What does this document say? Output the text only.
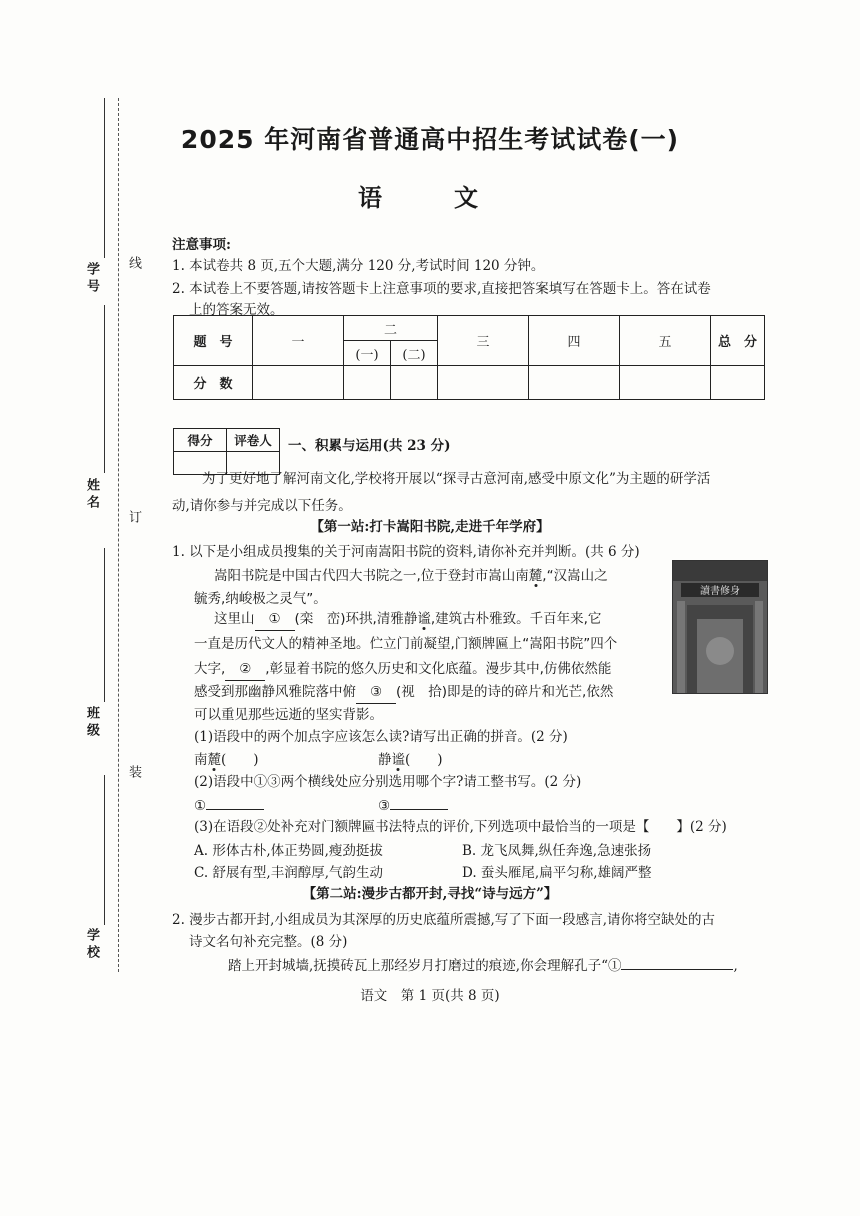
学号
姓名
班级
学校
线
订
装
2025 年河南省普通高中招生考试试卷(一)
语　文
注意事项:
1. 本试卷共 8 页,五个大题,满分 120 分,考试时间 120 分钟。
2. 本试卷上不要答题,请按答题卡上注意事项的要求,直接把答案填写在答题卡上。答在试卷
上的答案无效。
题　号	一	二		三	四	五	总　分
		(一)	(二)				
分　数							
得分	评卷人
	一、积累与运用(共 23 分)
为了更好地了解河南文化,学校将开展以“探寻古意河南,感受中原文化”为主题的研学活
动,请你参与并完成以下任务。
【第一站:打卡嵩阳书院,走进千年学府】
1. 以下是小组成员搜集的关于河南嵩阳书院的资料,请你补充并判断。(共 6 分)
嵩阳书院是中国古代四大书院之一,位于登封市嵩山南麓,“汉嵩山之
毓秀,纳峻极之灵气”。
这里山 ① (栾　峦)环拱,清雅静谧,建筑古朴雅致。千百年来,它
一直是历代文人的精神圣地。伫立门前凝望,门额牌匾上“嵩阳书院”四个
大字, ② ,彰显着书院的悠久历史和文化底蕴。漫步其中,仿佛依然能
感受到那幽静风雅院落中俯 ③ (视　拾)即是的诗的碎片和光芒,依然
可以重见那些远逝的坚实背影。
讀書修身
(1)语段中的两个加点字应该怎么读?请写出正确的拼音。(2 分)
南麓(　　)	静谧(　　)
(2)语段中①③两个横线处应分别选用哪个字?请工整书写。(2 分)
①	③
(3)在语段②处补充对门额牌匾书法特点的评价,下列选项中最恰当的一项是【　　】(2 分)
A. 形体古朴,体正势圆,瘦劲挺拔	B. 龙飞凤舞,纵任奔逸,急速张扬
C. 舒展有型,丰润醇厚,气韵生动	D. 蚕头雁尾,扁平匀称,雄阔严整
【第二站:漫步古都开封,寻找“诗与远方”】
2. 漫步古都开封,小组成员为其深厚的历史底蕴所震撼,写了下面一段感言,请你将空缺处的古
诗文名句补充完整。(8 分)
踏上开封城墙,抚摸砖瓦上那经岁月打磨过的痕迹,你会理解孔子“①	,
语文　第 1 页(共 8 页)
